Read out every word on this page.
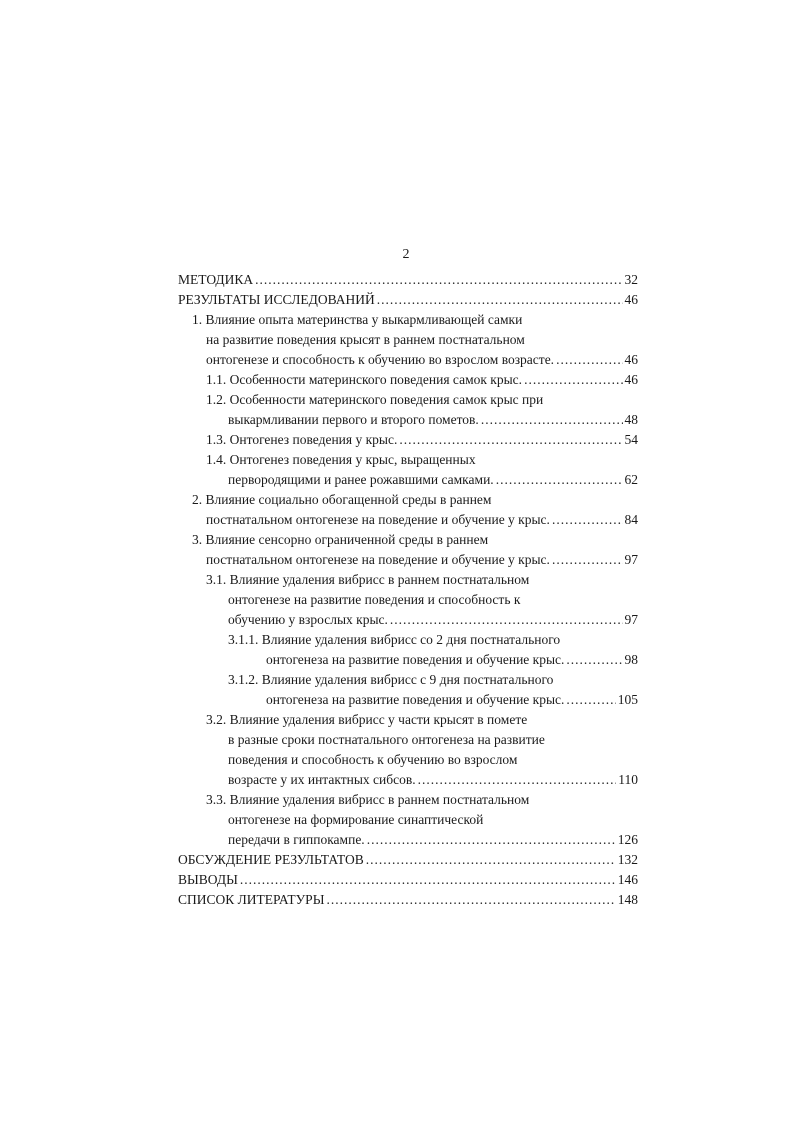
2
МЕТОДИКА .....	32
РЕЗУЛЬТАТЫ ИССЛЕДОВАНИЙ .....	46
1. Влияние опыта материнства у выкармливающей самки
на развитие поведения крысят в раннем постнатальном
онтогенезе и способность к обучению во взрослом возрасте. .....	46
1.1. Особенности материнского поведения самок крыс. .....	46
1.2. Особенности материнского поведения самок крыс при
выкармливании первого и второго пометов. .....	48
1.3. Онтогенез поведения у крыс. .....	54
1.4. Онтогенез поведения у крыс, выращенных
первородящими и ранее рожавшими самками. .....	62
2. Влияние социально обогащенной среды в раннем
постнатальном онтогенезе на поведение и обучение у крыс. .....	84
3. Влияние сенсорно ограниченной среды в раннем
постнатальном онтогенезе на поведение и обучение у крыс. .....	97
3.1. Влияние удаления вибрисс в раннем постнатальном
онтогенезе на развитие поведения и способность к
обучению у взрослых крыс. .....	97
3.1.1. Влияние удаления вибрисс со 2 дня постнатального
онтогенеза на развитие поведения и обучение крыс. .....	98
3.1.2. Влияние удаления вибрисс с 9 дня постнатального
онтогенеза на развитие поведения и обучение крыс. .....	105
3.2. Влияние удаления вибрисс у части крысят в помете
в разные сроки постнатального онтогенеза на развитие
поведения и способность к обучению во взрослом
возрасте у их интактных сибсов. .....	110
3.3. Влияние удаления вибрисс в раннем постнатальном
онтогенезе на формирование синаптической
передачи в гиппокампе. .....	126
ОБСУЖДЕНИЕ РЕЗУЛЬТАТОВ .....	132
ВЫВОДЫ .....	146
СПИСОК ЛИТЕРАТУРЫ .....	148
